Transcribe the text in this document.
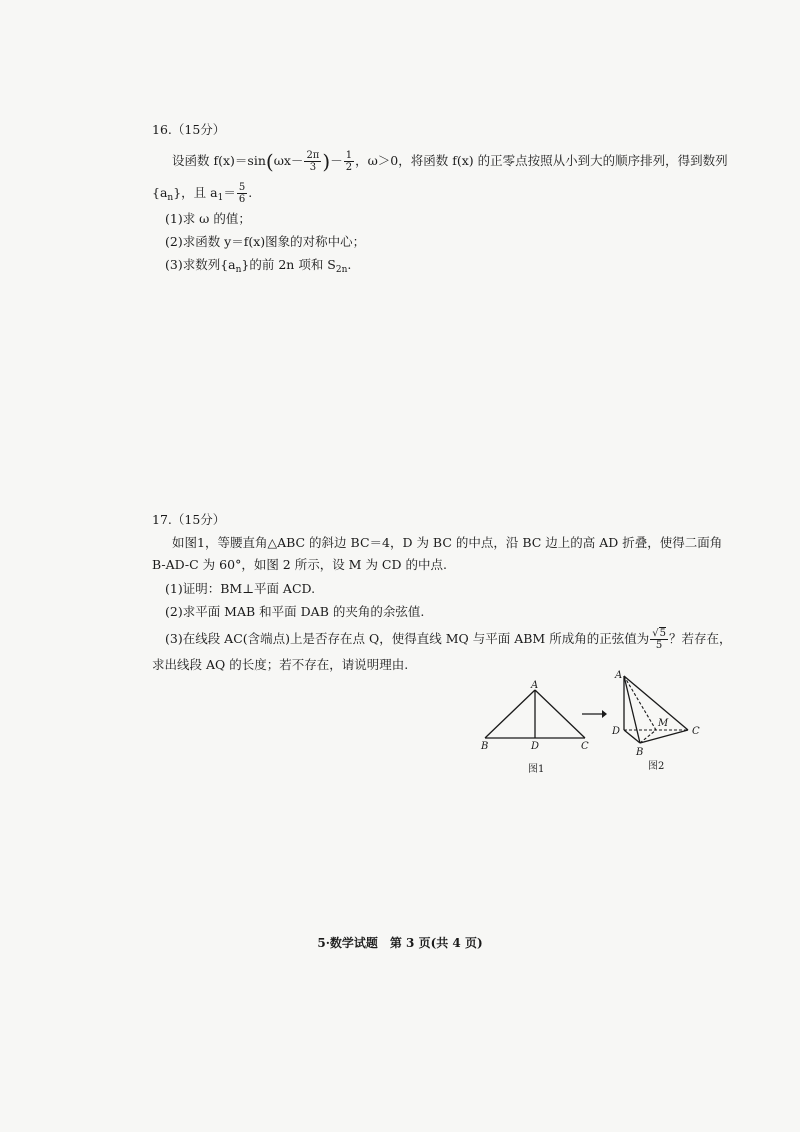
16.（15分）
设函数 $f(x)=\sin(\omega x- \frac{2\pi}{3}$ )－ $\frac{1}{2}$ ，ω＞0，将函数 f(x) 的正零点按照从小到大的顺序排列，得到数列
$\{a_n\}$，且 $a_1= \frac{5}{6}$ .
(1)求 ω 的值；
(2)求函数 y＝f(x)图象的对称中心；
(3)求数列$\{a_n\}$的前 2n 项和 $S_{2n}$.
17.（15分）
如图1，等腰直角△ABC 的斜边 BC＝4，D 为 BC 的中点，沿 BC 边上的高 AD 折叠，使得二面角
B-AD-C 为 60°，如图 2 所示，设 M 为 CD 的中点.
(1)证明：BM⊥平面 ACD.
(2)求平面 MAB 和平面 DAB 的夹角的余弦值.
(3)在线段 AC(含端点)上是否存在点 Q，使得直线 MQ 与平面 ABM 所成角的正弦值为 $\frac{√5}{5}$ ？若存在，
求出线段 AQ 的长度；若不存在，请说明理由.
A
B	D	C
图1
A
D
B
C
M
图2
5·数学试题　第 3 页(共 4 页)
